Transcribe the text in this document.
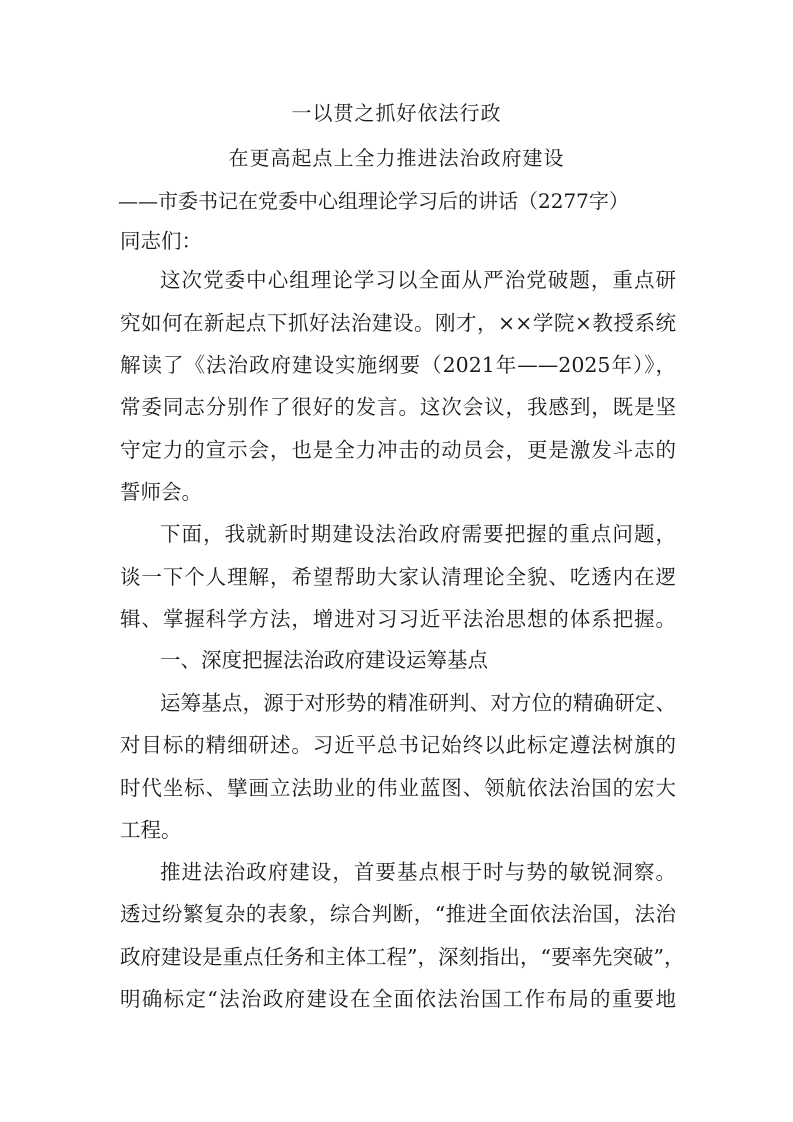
一以贯之抓好依法行政
在更高起点上全力推进法治政府建设
——市委书记在党委中心组理论学习后的讲话（2277字）
同志们：
这次党委中心组理论学习以全面从严治党破题，重点研
究如何在新起点下抓好法治建设。刚才，××学院×教授系统
解读了《法治政府建设实施纲要（2021年——2025年）》，
常委同志分别作了很好的发言。这次会议，我感到，既是坚
守定力的宣示会，也是全力冲击的动员会，更是激发斗志的
誓师会。
下面，我就新时期建设法治政府需要把握的重点问题，
谈一下个人理解，希望帮助大家认清理论全貌、吃透内在逻
辑、掌握科学方法，增进对习习近平法治思想的体系把握。
一、深度把握法治政府建设运筹基点
运筹基点，源于对形势的精准研判、对方位的精确研定、
对目标的精细研述。习近平总书记始终以此标定遵法树旗的
时代坐标、擘画立法助业的伟业蓝图、领航依法治国的宏大
工程。
推进法治政府建设，首要基点根于时与势的敏锐洞察。
透过纷繁复杂的表象，综合判断，“推进全面依法治国，法治
政府建设是重点任务和主体工程”，深刻指出，“要率先突破”，
明确标定“法治政府建设在全面依法治国工作布局的重要地
